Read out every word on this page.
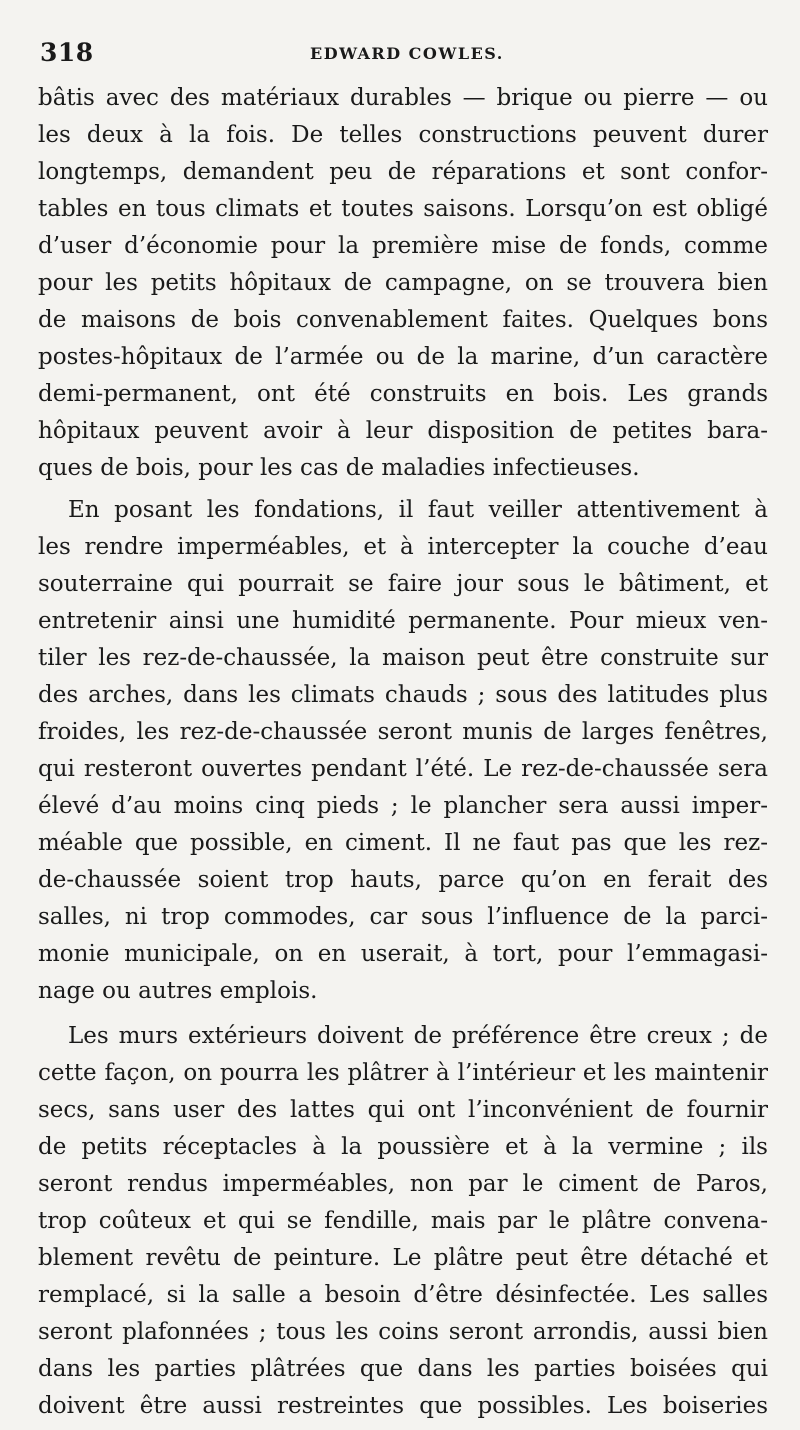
318	EDWARD COWLES.
bâtis avec des matériaux durables — brique ou pierre — ou
les deux à la fois. De telles constructions peuvent durer
longtemps, demandent peu de réparations et sont confor-
tables en tous climats et toutes saisons. Lorsqu’on est obligé
d’user d’économie pour la première mise de fonds, comme
pour les petits hôpitaux de campagne, on se trouvera bien
de maisons de bois convenablement faites. Quelques bons
postes-hôpitaux de l’armée ou de la marine, d’un caractère
demi-permanent, ont été construits en bois. Les grands
hôpitaux peuvent avoir à leur disposition de petites bara-
ques de bois, pour les cas de maladies infectieuses.
En posant les fondations, il faut veiller attentivement à
les rendre imperméables, et à intercepter la couche d’eau
souterraine qui pourrait se faire jour sous le bâtiment, et
entretenir ainsi une humidité permanente. Pour mieux ven-
tiler les rez-de-chaussée, la maison peut être construite sur
des arches, dans les climats chauds ; sous des latitudes plus
froides, les rez-de-chaussée seront munis de larges fenêtres,
qui resteront ouvertes pendant l’été. Le rez-de-chaussée sera
élevé d’au moins cinq pieds ; le plancher sera aussi imper-
méable que possible, en ciment. Il ne faut pas que les rez-
de-chaussée soient trop hauts, parce qu’on en ferait des
salles, ni trop commodes, car sous l’influence de la parci-
monie municipale, on en userait, à tort, pour l’emmagasi-
nage ou autres emplois.
Les murs extérieurs doivent de préférence être creux ; de
cette façon, on pourra les plâtrer à l’intérieur et les maintenir
secs, sans user des lattes qui ont l’inconvénient de fournir
de petits réceptacles à la poussière et à la vermine ; ils
seront rendus imperméables, non par le ciment de Paros,
trop coûteux et qui se fendille, mais par le plâtre convena-
blement revêtu de peinture. Le plâtre peut être détaché et
remplacé, si la salle a besoin d’être désinfectée. Les salles
seront plafonnées ; tous les coins seront arrondis, aussi bien
dans les parties plâtrées que dans les parties boisées qui
doivent être aussi restreintes que possibles. Les boiseries
